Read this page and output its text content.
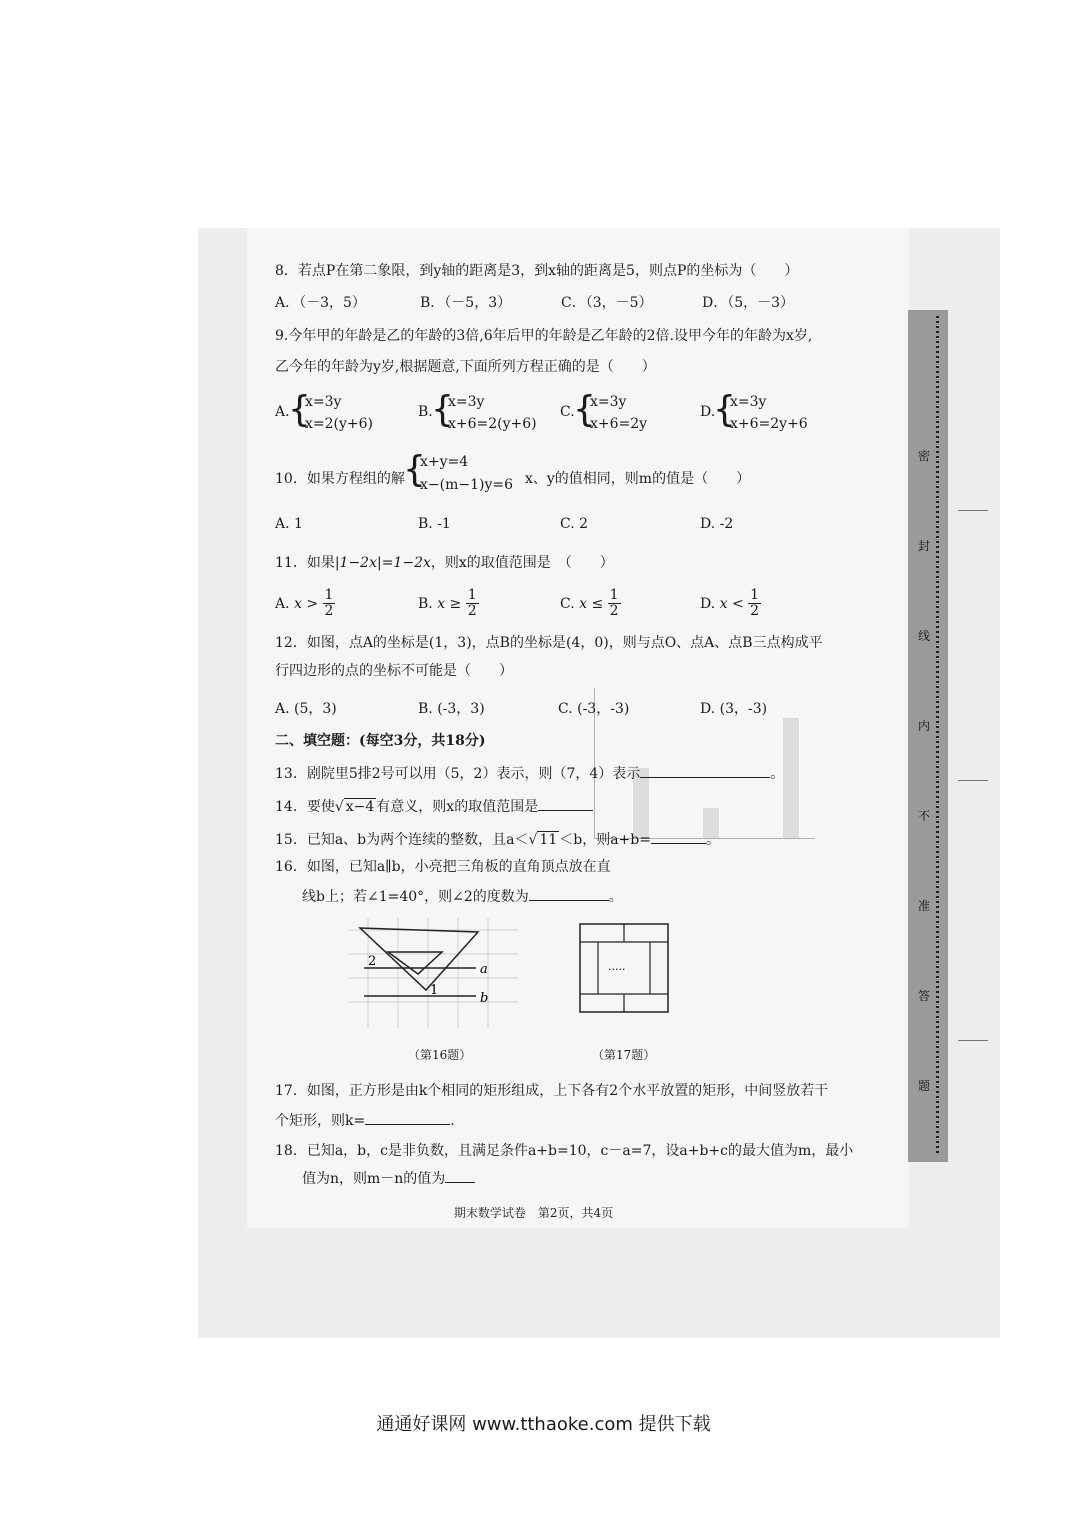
密
封
线
内
不
准
答
题
8．若点P在第二象限，到y轴的距离是3，到x轴的距离是5，则点P的坐标为（　　）
A．（－3，5）	B．（－5，3）	C．（3，－5）	D．（5，－3）
9.今年甲的年龄是乙的年龄的3倍,6年后甲的年龄是乙年龄的2倍.设甲今年的年龄为x岁,
乙今年的年龄为y岁,根据题意,下面所列方程正确的是（　　）
A.
{
x=3y
x=2(y+6)
B.
{
x=3y
x+6=2(y+6)
C.
{
x=3y
x+6=2y
D.
{
x=3y
x+6=2y+6
10．如果方程组的解
{
x+y=4
x−(m−1)y=6 x、y的值相同，则m的值是（　　）
A. 1	B. -1	C. 2	D. -2
11．如果|1−2x|=1−2x，则x的取值范围是　（　　）
A. $x > \frac{1}{2}$	B. $x \ge \frac{1}{2}$	C. $x \le \frac{1}{2}$	D. $x < \frac{1}{2}$
12．如图，点A的坐标是(1，3)，点B的坐标是(4，0)，则与点O、点A、点B三点构成平
行四边形的点的坐标不可能是（　　）
A. (5，3)	B. (-3，3)	C. (-3，-3)	D. (3，-3)
二、填空题：(每空3分，共18分)
13．剧院里5排2号可以用（5，2）表示，则（7，4）表示	。
14．要使√ x−4 有意义，则x的取值范围是
15．已知a、b为两个连续的整数，且a＜√ 11 ＜b，则a+b=	。
16．如图，已知a∥b，小亮把三角板的直角顶点放在直
线b上；若∠1=40°，则∠2的度数为	。
a
b
2
1
（第16题）
.....
（第17题）
17．如图，正方形是由k个相同的矩形组成，上下各有2个水平放置的矩形，中间竖放若干
个矩形，则k=	.
18．已知a，b，c是非负数，且满足条件a+b=10，c－a=7，设a+b+c的最大值为m，最小
值为n，则m－n的值为
期末数学试卷　第2页，共4页
通通好课网 www.tthaoke.com 提供下载
